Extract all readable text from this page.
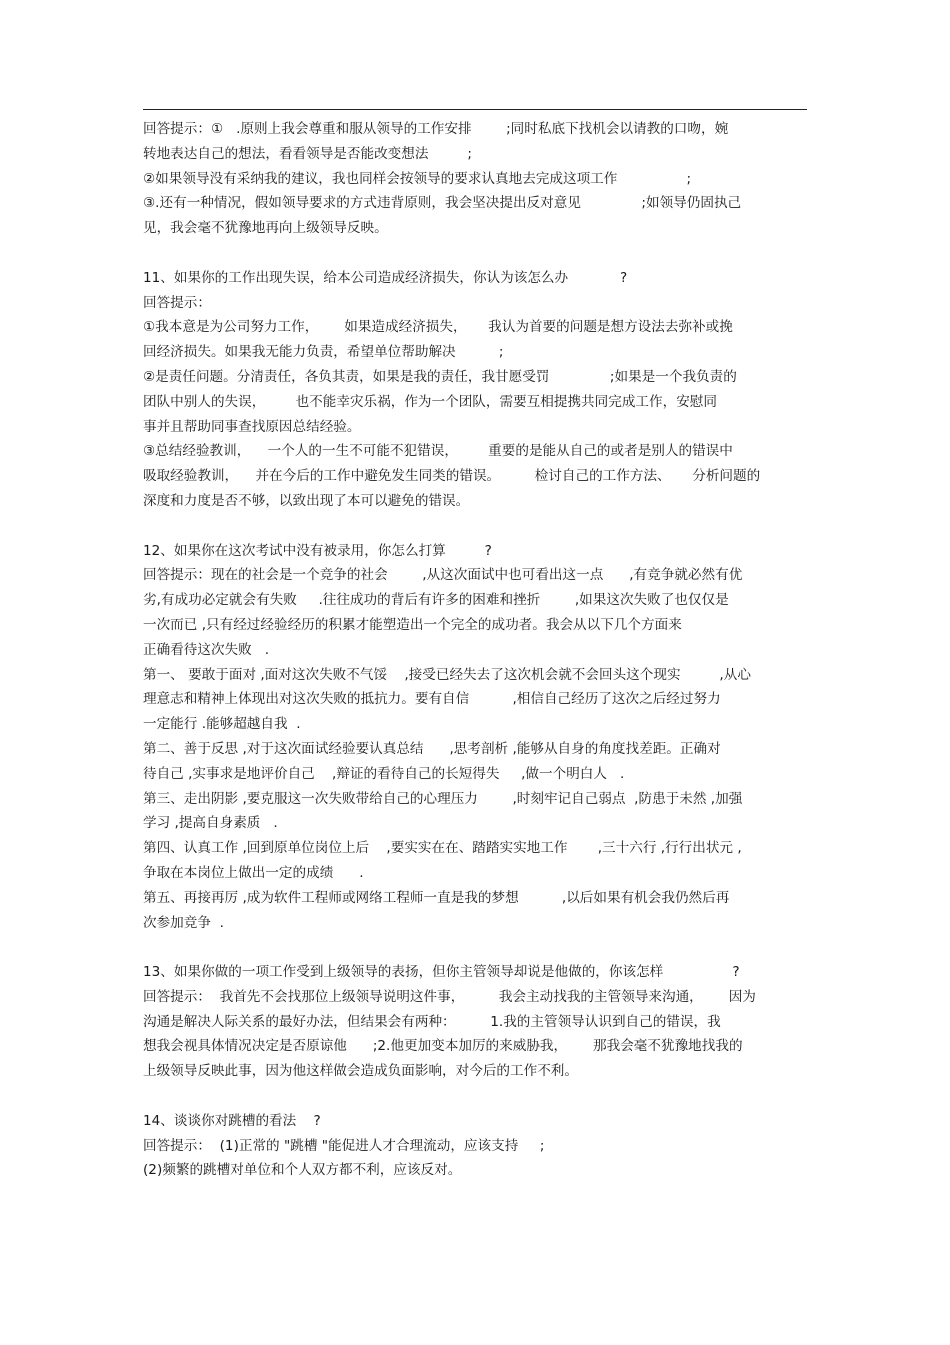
回答提示：①   .原则上我会尊重和服从领导的工作安排        ;同时私底下找机会以请教的口吻，婉
转地表达自己的想法，看看领导是否能改变想法         ;
②如果领导没有采纳我的建议，我也同样会按领导的要求认真地去完成这项工作                ;
③.还有一种情况，假如领导要求的方式违背原则，我会坚决提出反对意见              ;如领导仍固执己
见，我会毫不犹豫地再向上级领导反映。
11、如果你的工作出现失误，给本公司造成经济损失，你认为该怎么办            ?
回答提示：
①我本意是为公司努力工作，      如果造成经济损失，     我认为首要的问题是想方设法去弥补或挽
回经济损失。如果我无能力负责，希望单位帮助解决          ;
②是责任问题。分清责任，各负其责，如果是我的责任，我甘愿受罚              ;如果是一个我负责的
团队中别人的失误，       也不能幸灾乐祸，作为一个团队，需要互相提携共同完成工作，安慰同
事并且帮助同事查找原因总结经验。
③总结经验教训，    一个人的一生不可能不犯错误，       重要的是能从自己的或者是别人的错误中
吸取经验教训，    并在今后的工作中避免发生同类的错误。        检讨自己的工作方法、     分析问题的
深度和力度是否不够，以致出现了本可以避免的错误。
12、如果你在这次考试中没有被录用，你怎么打算         ?
回答提示：现在的社会是一个竞争的社会        ,从这次面试中也可看出这一点      ,有竞争就必然有优
劣,有成功必定就会有失败     .往往成功的背后有许多的困难和挫折        ,如果这次失败了也仅仅是
一次而已 ,只有经过经验经历的积累才能塑造出一个完全的成功者。我会从以下几个方面来
正确看待这次失败   .
第一、 要敢于面对 ,面对这次失败不气馁    ,接受已经失去了这次机会就不会回头这个现实         ,从心
理意志和精神上体现出对这次失败的抵抗力。要有自信          ,相信自己经历了这次之后经过努力
一定能行 .能够超越自我  .
第二、善于反思 ,对于这次面试经验要认真总结      ,思考剖析 ,能够从自身的角度找差距。正确对
待自己 ,实事求是地评价自己    ,辩证的看待自己的长短得失     ,做一个明白人   .
第三、走出阴影 ,要克服这一次失败带给自己的心理压力        ,时刻牢记自己弱点  ,防患于未然 ,加强
学习 ,提高自身素质   .
第四、认真工作 ,回到原单位岗位上后    ,要实实在在、踏踏实实地工作       ,三十六行 ,行行出状元 ,
争取在本岗位上做出一定的成绩      .
第五、再接再厉 ,成为软件工程师或网络工程师一直是我的梦想          ,以后如果有机会我仍然后再
次参加竞争  .
13、如果你做的一项工作受到上级领导的表扬，但你主管领导却说是他做的，你该怎样                ?
回答提示：  我首先不会找那位上级领导说明这件事，        我会主动找我的主管领导来沟通，      因为
沟通是解决人际关系的最好办法，但结果会有两种：        1.我的主管领导认识到自己的错误，我
想我会视具体情况决定是否原谅他      ;2.他更加变本加厉的来威胁我，      那我会毫不犹豫地找我的
上级领导反映此事，因为他这样做会造成负面影响，对今后的工作不利。
14、谈谈你对跳槽的看法    ?
回答提示：  (1)正常的 "跳槽 "能促进人才合理流动，应该支持     ;
(2)频繁的跳槽对单位和个人双方都不利，应该反对。
